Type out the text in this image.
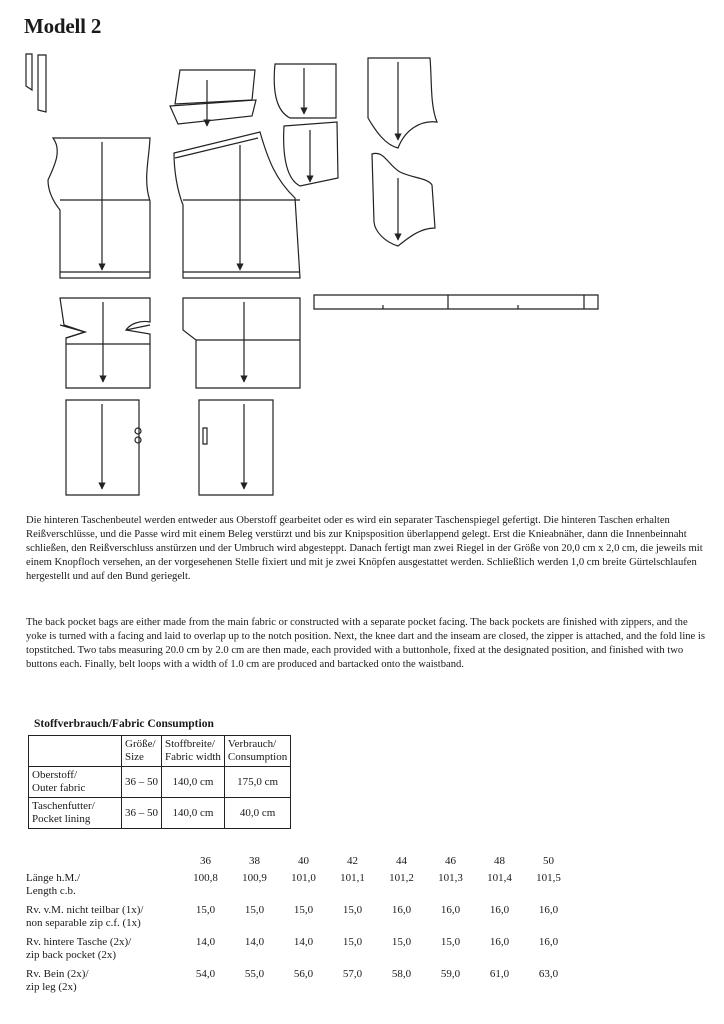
Modell 2

Die hinteren Taschenbeutel werden entweder aus Oberstoff gearbeitet oder es wird ein separater Taschenspiegel gefertigt. Die hinteren Taschen erhalten Reißverschlüsse, und die Passe wird mit einem Beleg verstürzt und bis zur Knipsposition überlappend gelegt. Erst die Knieabnäher, dann die Innenbeinnaht schließen, den Reißverschluss anstürzen und der Umbruch wird abgesteppt. Danach fertigt man zwei Riegel in der Größe von 20,0 cm x 2,0 cm, die jeweils mit einem Knopfloch versehen, an der vorgesehenen Stelle fixiert und mit je zwei Knöpfen ausgestattet werden. Schließlich werden 1,0 cm breite Gürtelschlaufen hergestellt und auf den Bund geriegelt.

The back pocket bags are either made from the main fabric or constructed with a separate pocket facing. The back pockets are finished with zippers, and the yoke is turned with a facing and laid to overlap up to the notch position. Next, the knee dart and the inseam are closed, the zipper is attached, and the fold line is topstitched. Two tabs measuring 20.0 cm by 2.0 cm are then made, each provided with a buttonhole, fixed at the designated position, and finished with two buttons each. Finally, belt loops with a width of 1.0 cm are produced and bartacked onto the waistband.

Stoffverbrauch/Fabric Consumption
	Größe/
Size	Stoffbreite/
Fabric width	Verbrauch/
Consumption
Oberstoff/
Outer fabric	36 – 50	140,0 cm	175,0 cm
Taschenfutter/
Pocket lining	36 – 50	140,0 cm	40,0 cm
	36	38	40	42	44	46	48	50
Länge h.M./
Length c.b.	100,8	100,9	101,0	101,1	101,2	101,3	101,4	101,5
Rv. v.M. nicht teilbar (1x)/
non separable zip c.f. (1x)	15,0	15,0	15,0	15,0	16,0	16,0	16,0	16,0
Rv. hintere Tasche (2x)/
zip back pocket (2x)	14,0	14,0	14,0	15,0	15,0	15,0	16,0	16,0
Rv. Bein (2x)/
zip leg (2x)	54,0	55,0	56,0	57,0	58,0	59,0	61,0	63,0
